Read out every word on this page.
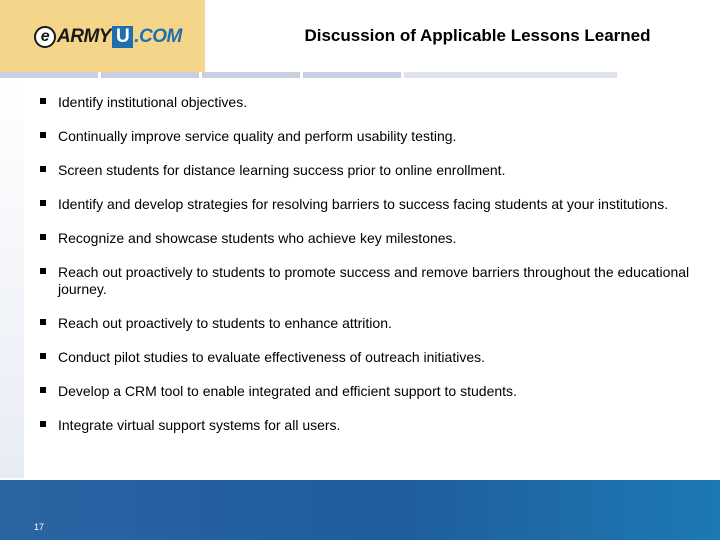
e ARMY U .COM	Discussion of Applicable Lessons Learned
Identify institutional objectives.
Continually improve service quality and perform usability testing.
Screen students for distance learning success prior to online enrollment.
Identify and develop strategies for resolving barriers to success facing students at your institutions.
Recognize and showcase students who achieve key milestones.
Reach out proactively to students to promote success and remove barriers throughout the educational journey.
Reach out proactively to students to enhance attrition.
Conduct pilot studies to evaluate effectiveness of outreach initiatives.
Develop a CRM tool to enable integrated and efficient support to students.
Integrate virtual support systems for all users.
17
